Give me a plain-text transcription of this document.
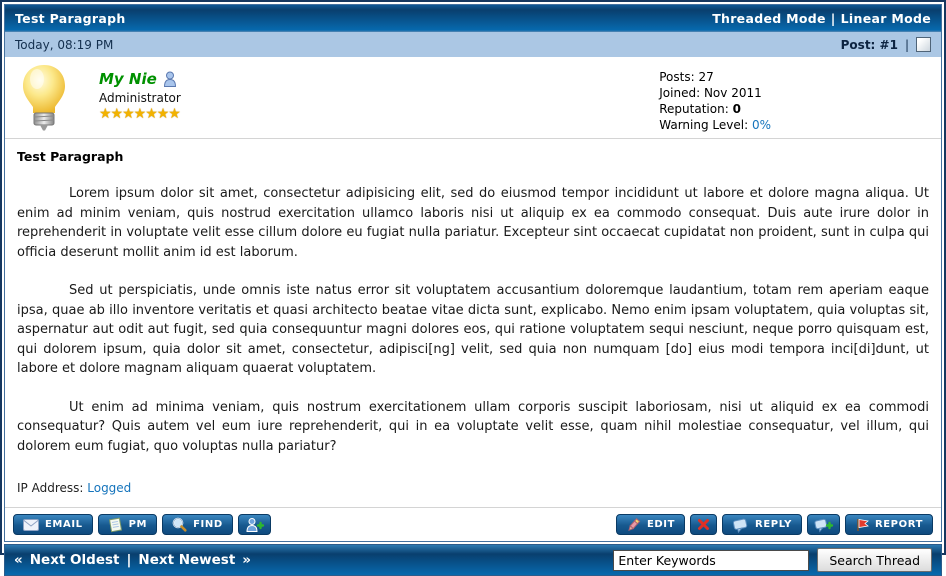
Test Paragraph	Threaded Mode | Linear Mode
Today, 08:19 PM	Post: #1 |
My Nie
Administrator
★★★★★★★
Posts: 27
Joined: Nov 2011
Reputation: 0
Warning Level: 0%
Test Paragraph

Lorem ipsum dolor sit amet, consectetur adipisicing elit, sed do eiusmod tempor incididunt ut labore et dolore magna aliqua. Ut enim ad minim veniam, quis nostrud exercitation ullamco laboris nisi ut aliquip ex ea commodo consequat. Duis aute irure dolor in reprehenderit in voluptate velit esse cillum dolore eu fugiat nulla pariatur. Excepteur sint occaecat cupidatat non proident, sunt in culpa qui officia deserunt mollit anim id est laborum.

Sed ut perspiciatis, unde omnis iste natus error sit voluptatem accusantium doloremque laudantium, totam rem aperiam eaque ipsa, quae ab illo inventore veritatis et quasi architecto beatae vitae dicta sunt, explicabo. Nemo enim ipsam voluptatem, quia voluptas sit, aspernatur aut odit aut fugit, sed quia consequuntur magni dolores eos, qui ratione voluptatem sequi nesciunt, neque porro quisquam est, qui dolorem ipsum, quia dolor sit amet, consectetur, adipisci[ng] velit, sed quia non numquam [do] eius modi tempora inci[di]dunt, ut labore et dolore magnam aliquam quaerat voluptatem.

Ut enim ad minima veniam, quis nostrum exercitationem ullam corporis suscipit laboriosam, nisi ut aliquid ex ea commodi consequatur? Quis autem vel eum iure reprehenderit, qui in ea voluptate velit esse, quam nihil molestiae consequatur, vel illum, qui dolorem eum fugiat, quo voluptas nulla pariatur?

IP Address: Logged
EMAIL	PM	FIND	EDIT	REPLY	REPORT
« Next Oldest | Next Newest »
Enter Keywords	Search Thread
